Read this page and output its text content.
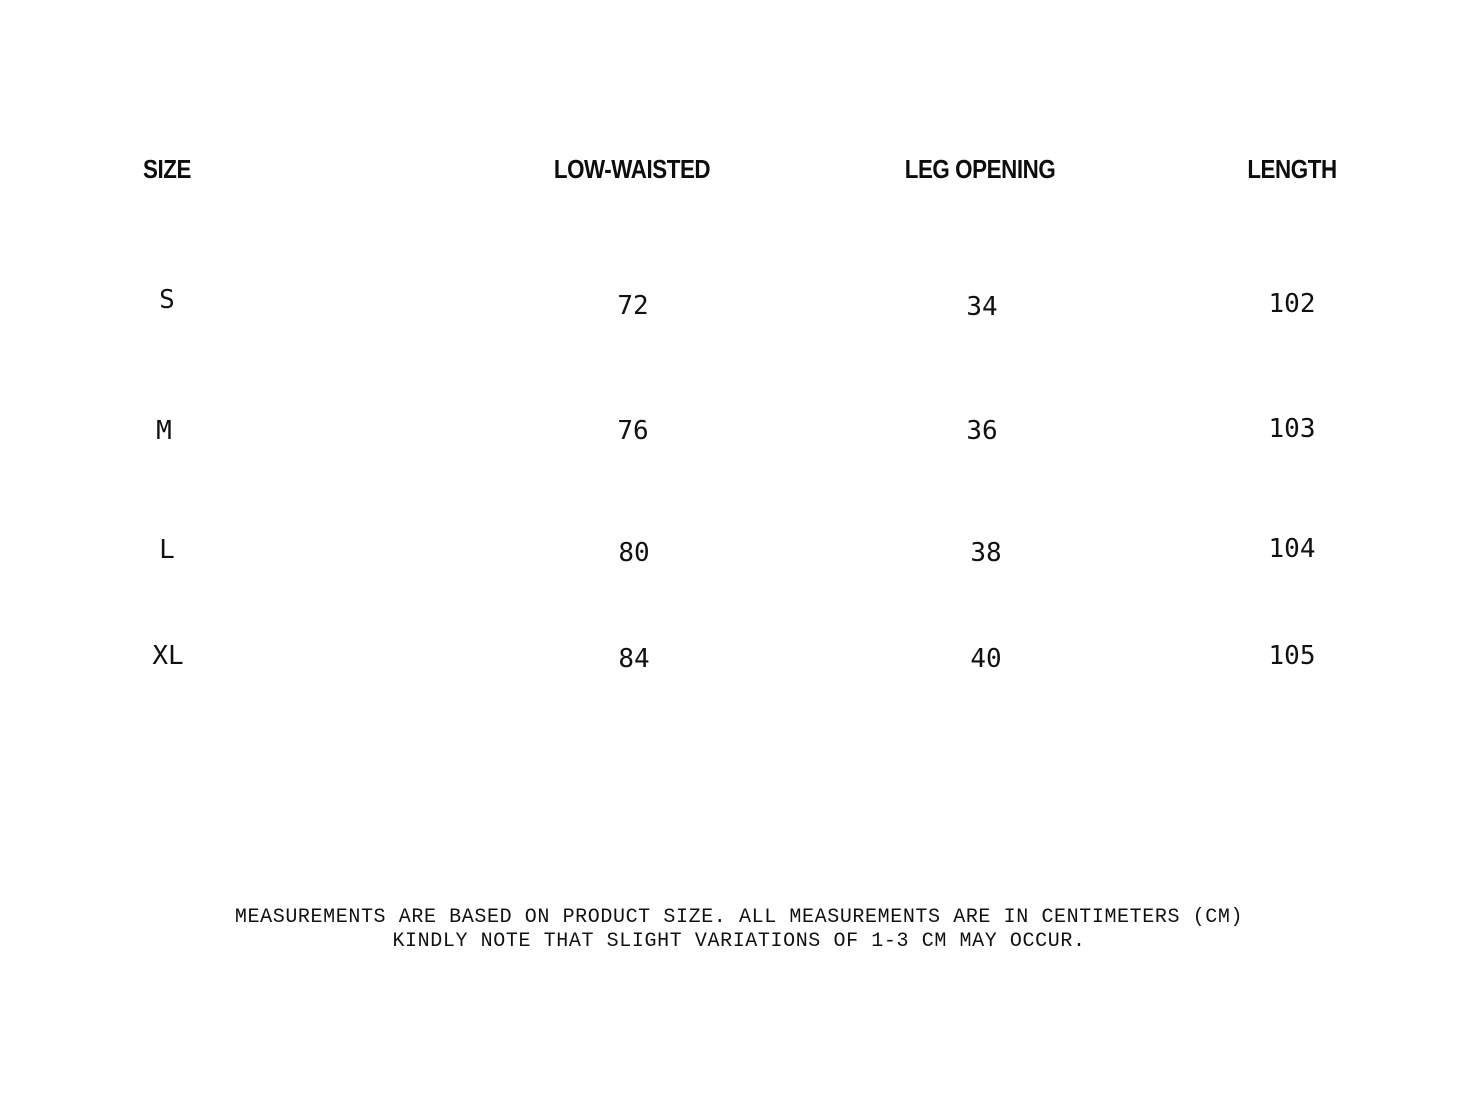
SIZE	LOW-WAISTED	LEG OPENING	LENGTH
S	72	34	102
M	76	36	103
L	80	38	104
XL	84	40	105
MEASUREMENTS ARE BASED ON PRODUCT SIZE. ALL MEASUREMENTS ARE IN CENTIMETERS (CM)
KINDLY NOTE THAT SLIGHT VARIATIONS OF 1-3 CM MAY OCCUR.
